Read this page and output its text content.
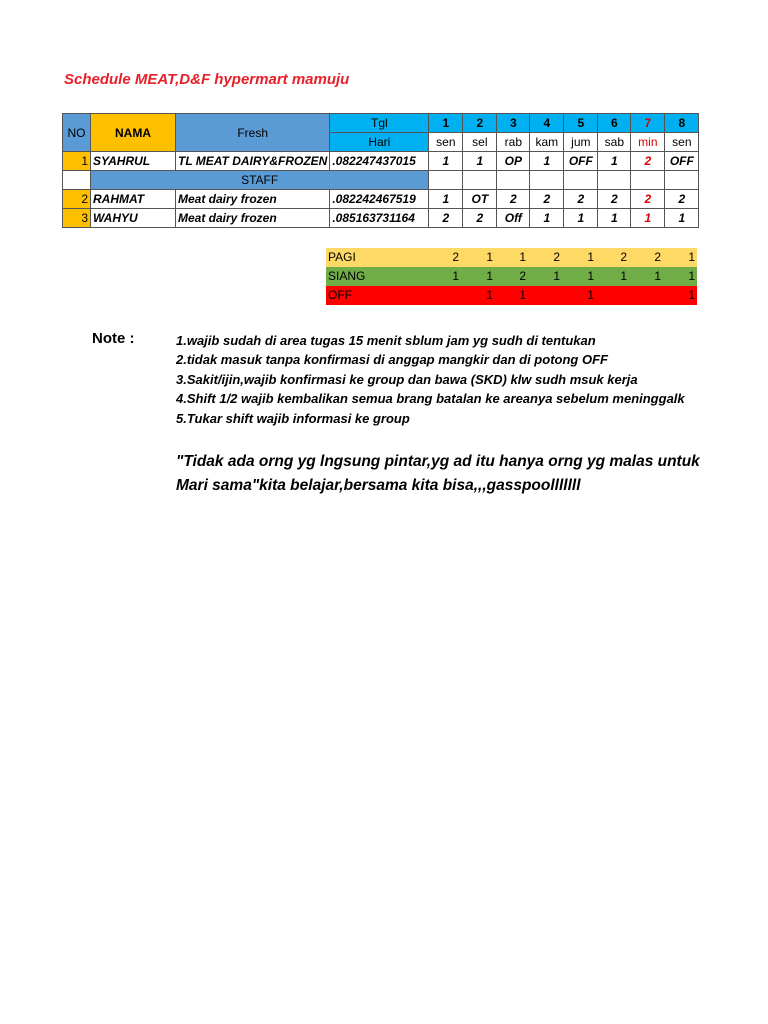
Schedule MEAT,D&F hypermart mamuju
NO	NAMA	Fresh	Tgl	1	2	3	4	5	6	7	8
			Hari	sen	sel	rab	kam	jum	sab	min	sen
1	SYAHRUL	TL MEAT DAIRY&FROZEN	.082247437015	1	1	OP	1	OFF	1	2	OFF
	STAFF										
2	RAHMAT	Meat dairy frozen	.082242467519	1	OT	2	2	2	2	2	2
3	WAHYU	Meat dairy frozen	.085163731164	2	2	Off	1	1	1	1	1
PAGI	2	1	1	2	1	2	2	1
SIANG	1	1	2	1	1	1	1	1
OFF		1	1		1			1
Note :	1.wajib sudah di area tugas 15 menit sblum jam yg sudh di tentukan
2.tidak masuk tanpa konfirmasi di anggap mangkir dan di potong OFF
3.Sakit/ijin,wajib konfirmasi ke group dan bawa (SKD) klw sudh msuk kerja
4.Shift 1/2 wajib kembalikan semua brang batalan ke areanya sebelum meninggalk
5.Tukar shift wajib informasi ke group
"Tidak ada orng yg lngsung pintar,yg ad itu hanya orng yg malas untuk
Mari sama"kita belajar,bersama kita bisa,,,gasspoolllllll
